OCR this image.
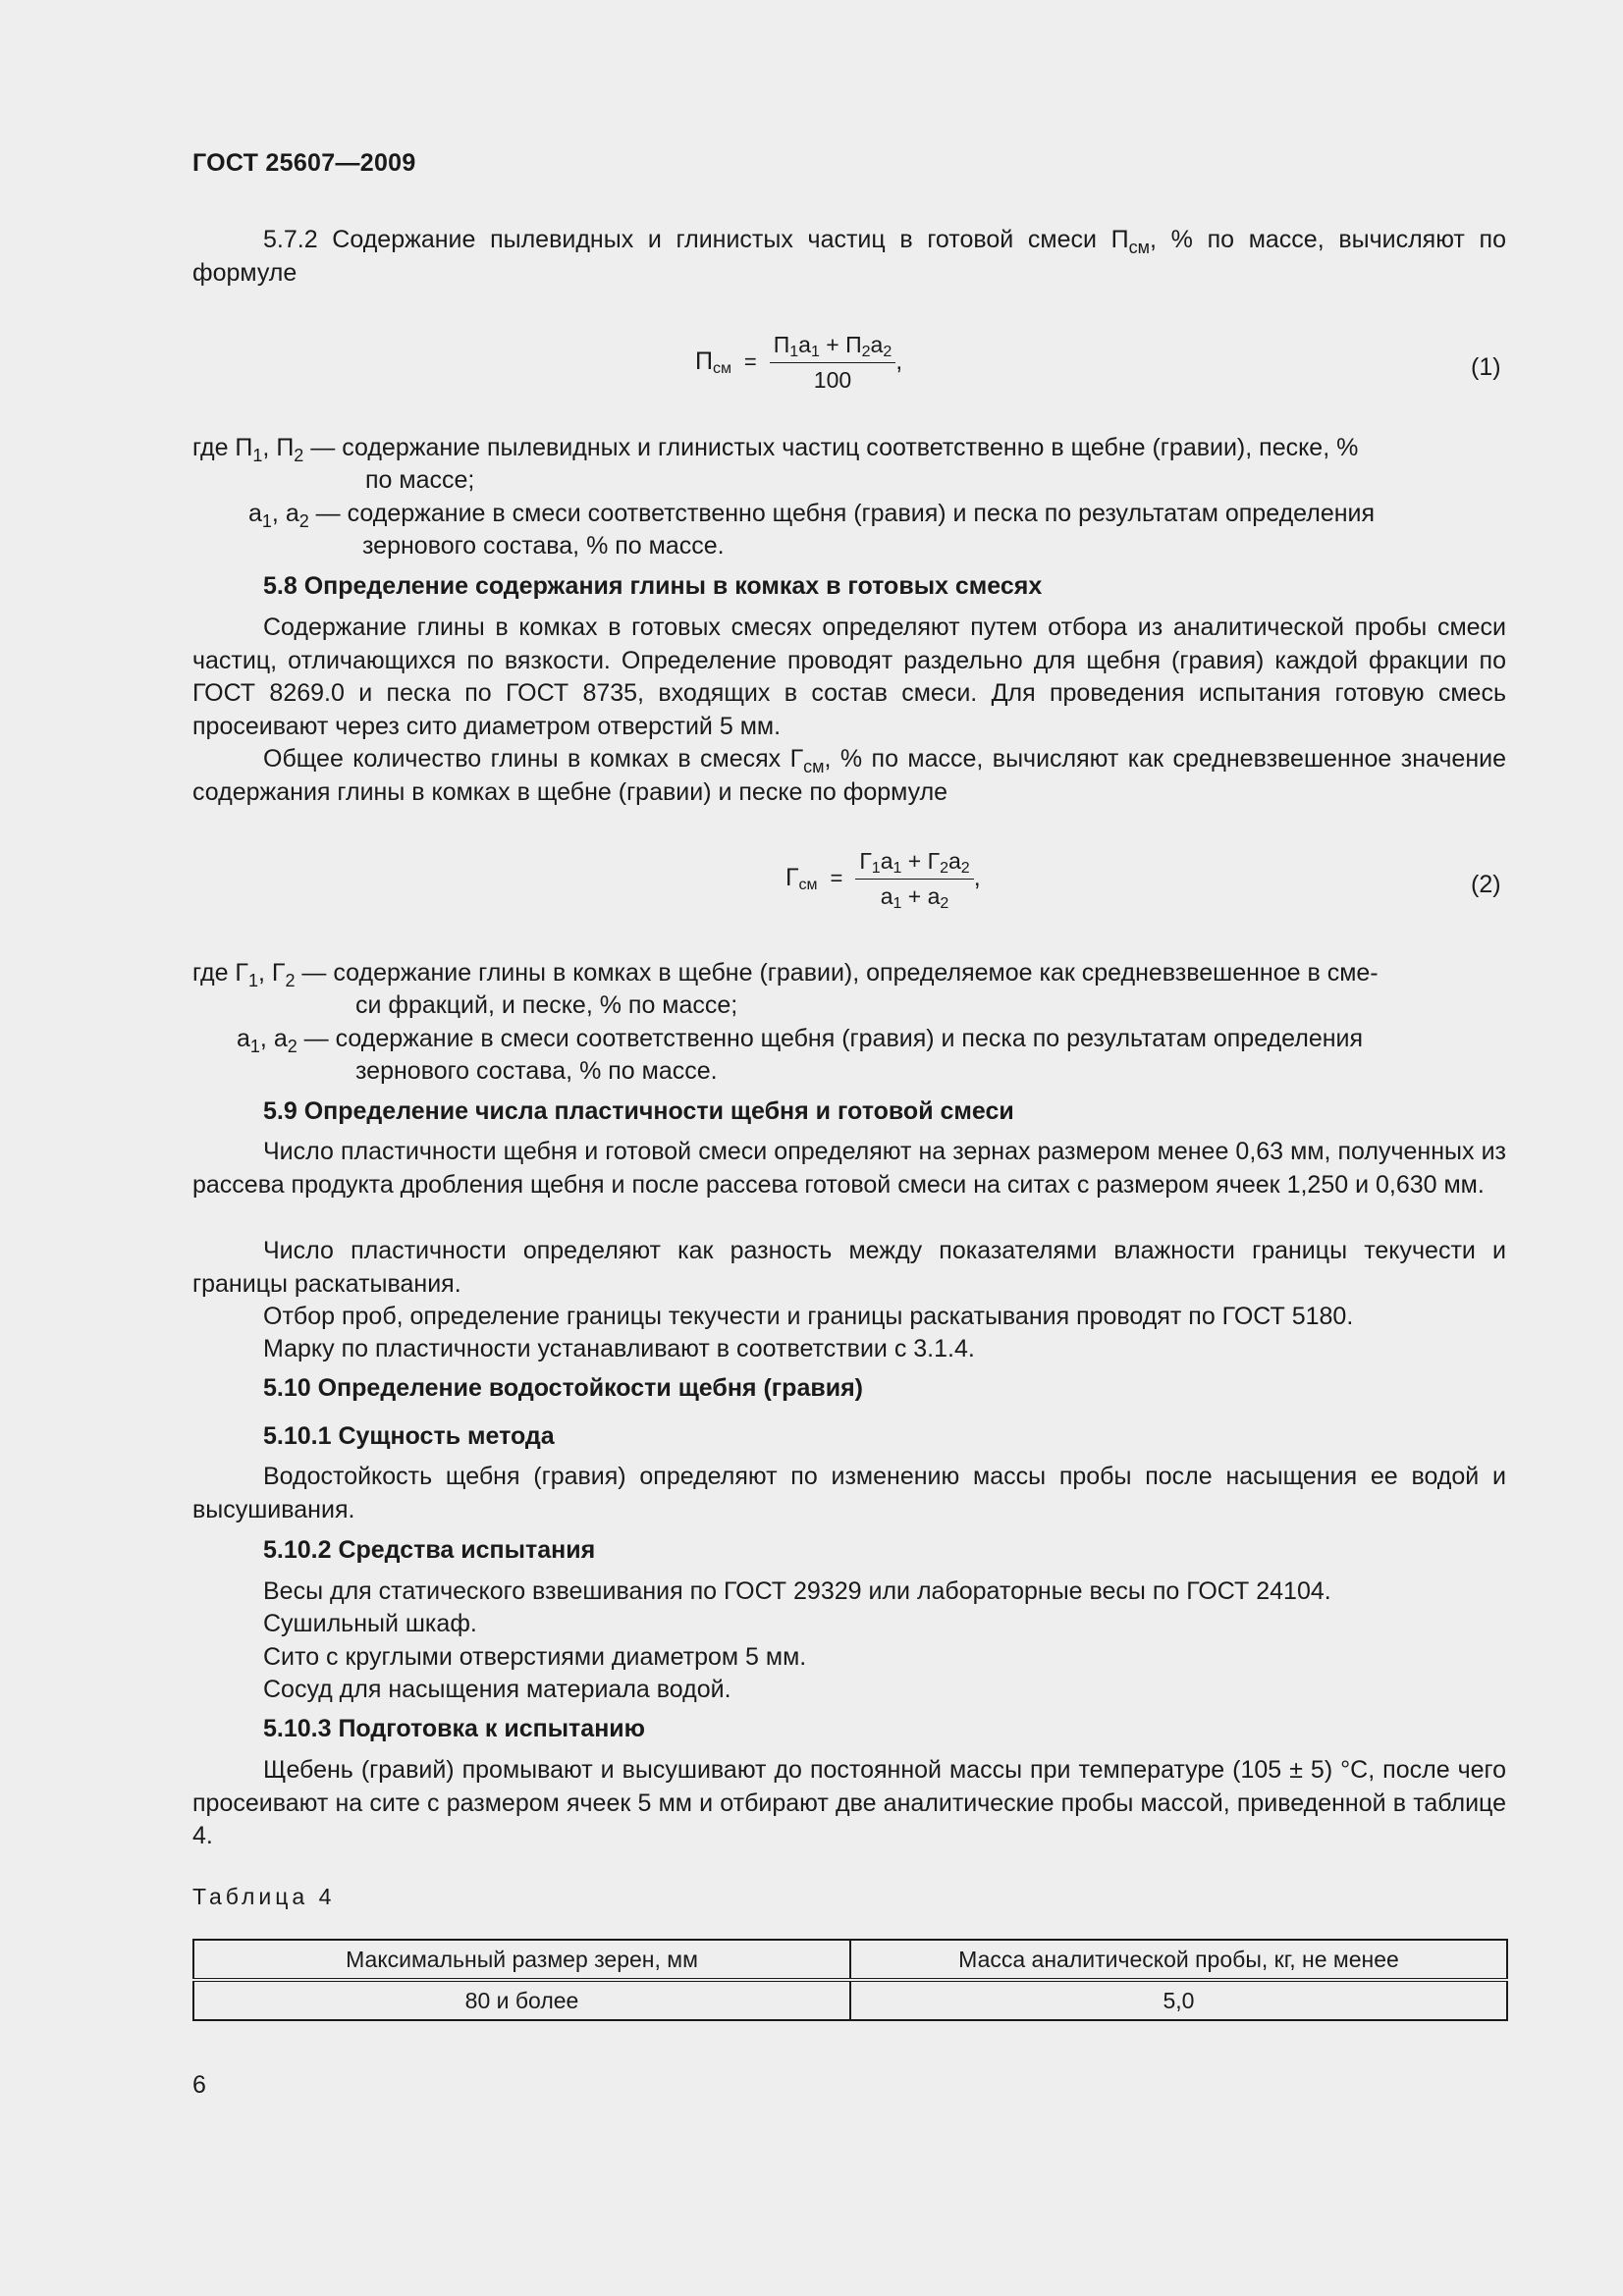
ГОСТ 25607—2009

5.7.2 Содержание пылевидных и глинистых частиц в готовой смеси $П_{см}$, % по массе, вычисляют по формуле

$П_{см} = \frac{П_1а_1 + П_2а_2}{100}$ ,	(1)

где $П_1$, $П_2$ — содержание пылевидных и глинистых частиц соответственно в щебне (гравии), песке, %

по массе;

$а_1$, $а_2$ — содержание в смеси соответственно щебня (гравия) и песка по результатам определения

зернового состава, % по массе.

5.8 Определение содержания глины в комках в готовых смесях

Содержание глины в комках в готовых смесях определяют путем отбора из аналитической пробы смеси частиц, отличающихся по вязкости. Определение проводят раздельно для щебня (гравия) каждой фракции по ГОСТ 8269.0 и песка по ГОСТ 8735, входящих в состав смеси. Для проведения испытания готовую смесь просеивают через сито диаметром отверстий 5 мм.

Общее количество глины в комках в смесях $Г_{см}$, % по массе, вычисляют как средневзвешенное значение содержания глины в комках в щебне (гравии) и песке по формуле

$Г_{см} = \frac{Г_1а_1 + Г_2а_2}{а_1 + а_2}$ ,	(2)

где $Г_1$, $Г_2$ — содержание глины в комках в щебне (гравии), определяемое как средневзвешенное в сме-

си фракций, и песке, % по массе;

$а_1$, $а_2$ — содержание в смеси соответственно щебня (гравия) и песка по результатам определения

зернового состава, % по массе.

5.9 Определение числа пластичности щебня и готовой смеси

Число пластичности щебня и готовой смеси определяют на зернах размером менее 0,63 мм, полученных из рассева продукта дробления щебня и после рассева готовой смеси на ситах с размером ячеек 1,250 и 0,630 мм.

Число пластичности определяют как разность между показателями влажности границы текучести и границы раскатывания.

Отбор проб, определение границы текучести и границы раскатывания проводят по ГОСТ 5180.

Марку по пластичности устанавливают в соответствии с 3.1.4.

5.10 Определение водостойкости щебня (гравия)

5.10.1 Сущность метода

Водостойкость щебня (гравия) определяют по изменению массы пробы после насыщения ее водой и высушивания.

5.10.2 Средства испытания

Весы для статического взвешивания по ГОСТ 29329 или лабораторные весы по ГОСТ 24104.

Сушильный шкаф.

Сито с круглыми отверстиями диаметром 5 мм.

Сосуд для насыщения материала водой.

5.10.3 Подготовка к испытанию

Щебень (гравий) промывают и высушивают до постоянной массы при температуре (105 ± 5) °С, после чего просеивают на сите с размером ячеек 5 мм и отбирают две аналитические пробы массой, приведенной в таблице 4.

Таблица 4
Максимальный размер зерен, мм	Масса аналитической пробы, кг, не менее
80 и более	5,0
6
